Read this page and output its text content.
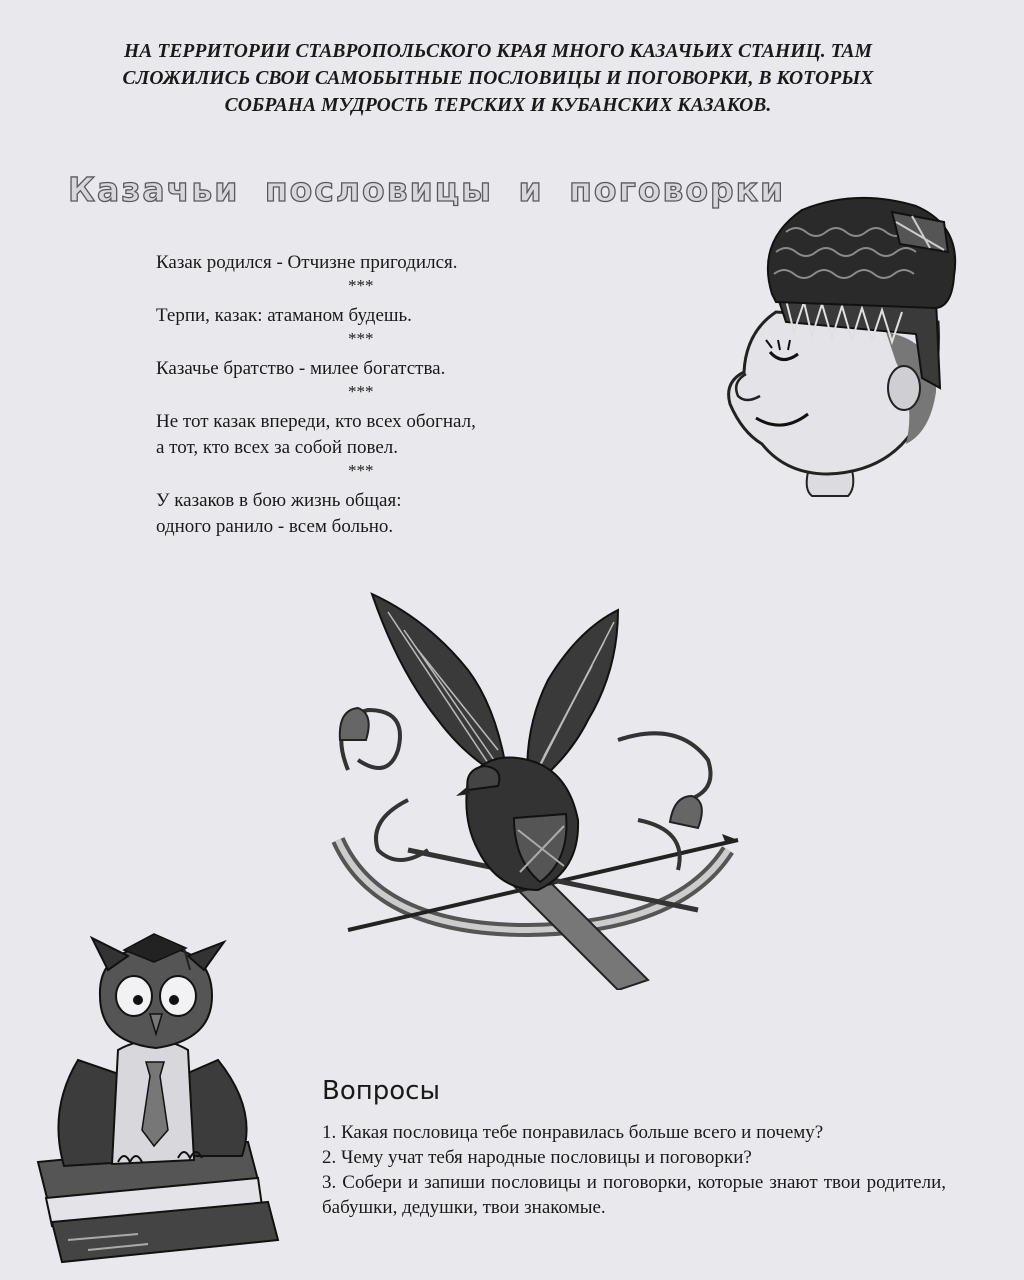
НА ТЕРРИТОРИИ СТАВРОПОЛЬСКОГО КРАЯ МНОГО КАЗАЧЬИХ СТАНИЦ. ТАМ
СЛОЖИЛИСЬ СВОИ САМОБЫТНЫЕ ПОСЛОВИЦЫ И ПОГОВОРКИ, В КОТОРЫХ
СОБРАНА МУДРОСТЬ ТЕРСКИХ И КУБАНСКИХ КАЗАКОВ.
Казачьи пословицы и поговорки

Казак родился - Отчизне пригодился.

***

Терпи, казак: атаманом будешь.

***

Казачье братство - милее богатства.

***

Не тот казак впереди, кто всех обогнал,

а тот, кто всех за собой повел.

***

У казаков в бою жизнь общая:

одного ранило - всем больно.

Вопросы

1. Какая пословица тебе понравилась больше всего и почему?

2. Чему учат тебя народные пословицы и поговорки?

3. Собери и запиши пословицы и поговорки, которые знают твои родители, бабушки, дедушки, твои знакомые.
